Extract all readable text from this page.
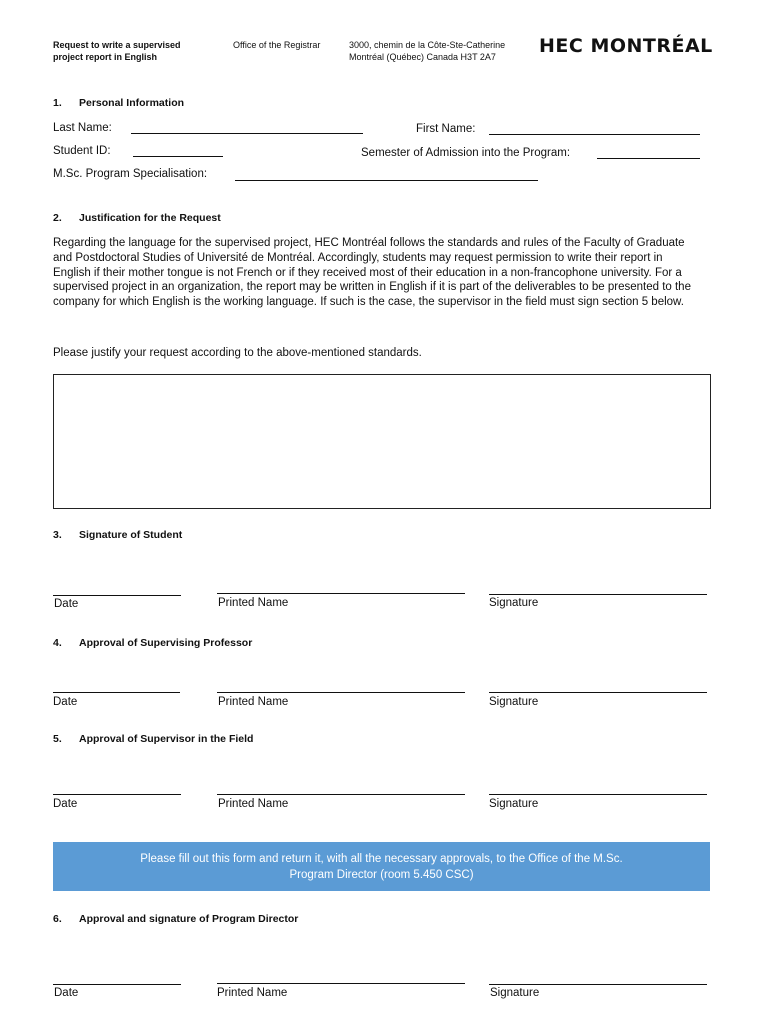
Request to write a supervised
project report in English
Office of the Registrar	3000, chemin de la Côte-Ste-Catherine
Montréal (Québec) Canada H3T 2A7	HEC MONTRÉAL
1. Personal Information
Last Name:	First Name:
Student ID:	Semester of Admission into the Program:
M.Sc. Program Specialisation:
2. Justification for the Request
Regarding the language for the supervised project, HEC Montréal follows the standards and rules of the Faculty of Graduate and Postdoctoral Studies of Université de Montréal. Accordingly, students may request permission to write their report in English if their mother tongue is not French or if they received most of their education in a non-francophone university. For a supervised project in an organization, the report may be written in English if it is part of the deliverables to be presented to the company for which English is the working language. If such is the case, the supervisor in the field must sign section 5 below.
Please justify your request according to the above-mentioned standards.
3. Signature of Student
Date	Printed Name	Signature
4. Approval of Supervising Professor
Date	Printed Name	Signature
5. Approval of Supervisor in the Field
Date	Printed Name	Signature
Please fill out this form and return it, with all the necessary approvals, to the Office of the M.Sc.
Program Director (room 5.450 CSC)
6. Approval and signature of Program Director
Date	Printed Name	Signature
